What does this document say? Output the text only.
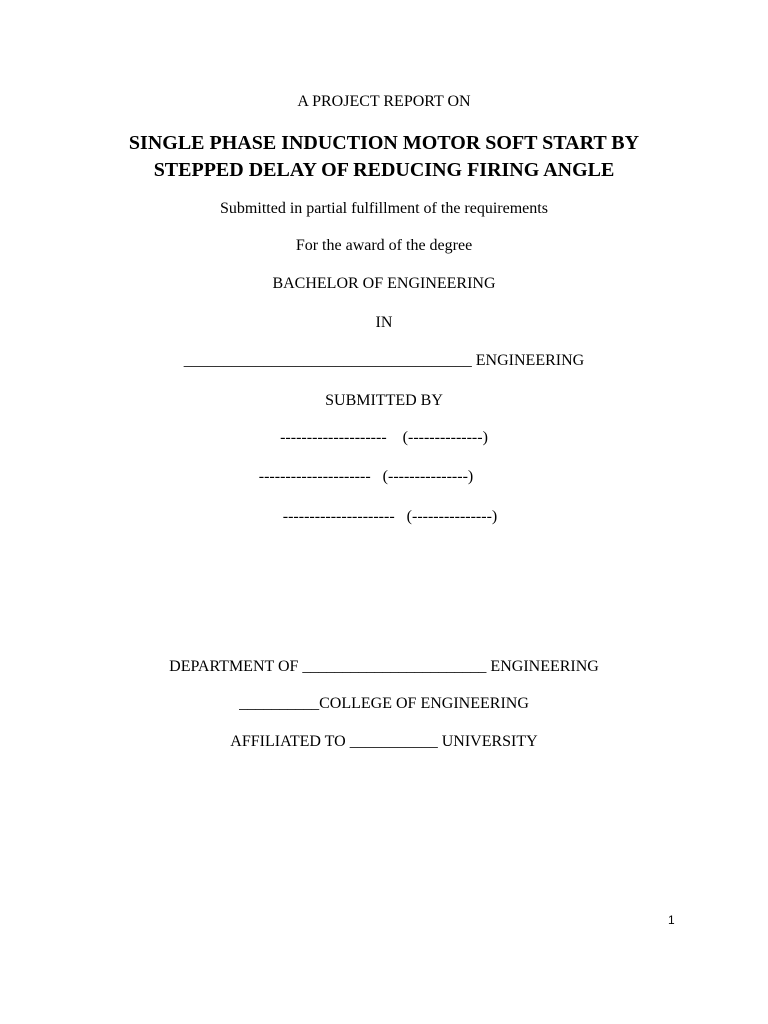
A PROJECT REPORT ON
SINGLE PHASE INDUCTION MOTOR SOFT START BY
STEPPED DELAY OF REDUCING FIRING ANGLE
Submitted in partial fulfillment of the requirements
For the award of the degree
BACHELOR OF ENGINEERING
IN
____________________________________ ENGINEERING
SUBMITTED BY
--------------------    (--------------)
---------------------   (---------------)
---------------------   (---------------)
DEPARTMENT OF _______________________ ENGINEERING
__________COLLEGE OF ENGINEERING
AFFILIATED TO ___________ UNIVERSITY
1
